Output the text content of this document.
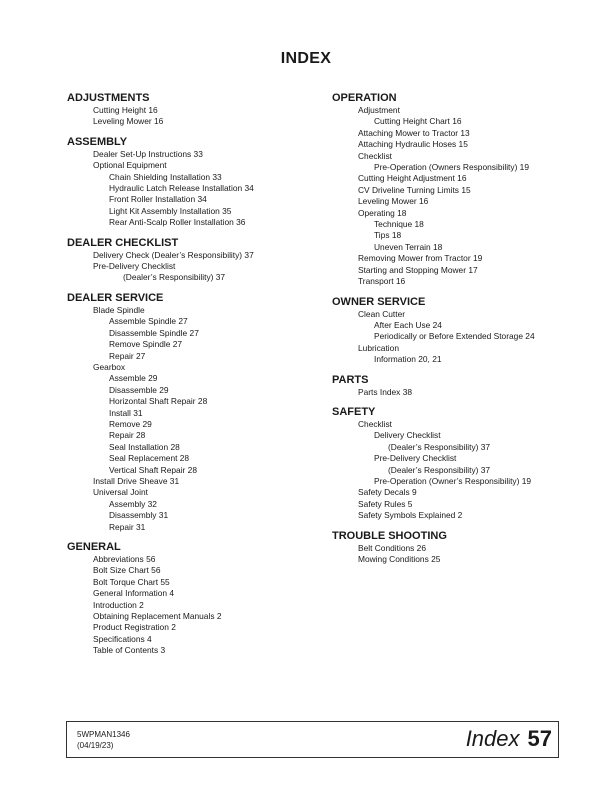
INDEX
ADJUSTMENTS
Cutting Height 16
Leveling Mower 16
ASSEMBLY
Dealer Set-Up Instructions 33
Optional Equipment
Chain Shielding Installation 33
Hydraulic Latch Release Installation 34
Front Roller Installation 34
Light Kit Assembly Installation 35
Rear Anti-Scalp Roller Installation 36
DEALER CHECKLIST
Delivery Check (Dealer’s Responsibility) 37
Pre-Delivery Checklist
(Dealer’s Responsibility) 37
DEALER SERVICE
Blade Spindle
Assemble Spindle 27
Disassemble Spindle 27
Remove Spindle 27
Repair 27
Gearbox
Assemble 29
Disassemble 29
Horizontal Shaft Repair 28
Install 31
Remove 29
Repair 28
Seal Installation 28
Seal Replacement 28
Vertical Shaft Repair 28
Install Drive Sheave 31
Universal Joint
Assembly 32
Disassembly 31
Repair 31
GENERAL
Abbreviations 56
Bolt Size Chart 56
Bolt Torque Chart 55
General Information 4
Introduction 2
Obtaining Replacement Manuals 2
Product Registration 2
Specifications 4
Table of Contents 3
OPERATION
Adjustment
Cutting Height Chart 16
Attaching Mower to Tractor 13
Attaching Hydraulic Hoses 15
Checklist
Pre-Operation (Owners Responsibility) 19
Cutting Height Adjustment 16
CV Driveline Turning Limits 15
Leveling Mower 16
Operating 18
Technique 18
Tips 18
Uneven Terrain 18
Removing Mower from Tractor 19
Starting and Stopping Mower 17
Transport 16
OWNER SERVICE
Clean Cutter
After Each Use 24
Periodically or Before Extended Storage 24
Lubrication
Information 20, 21
PARTS
Parts Index 38
SAFETY
Checklist
Delivery Checklist
(Dealer’s Responsibility) 37
Pre-Delivery Checklist
(Dealer’s Responsibility) 37
Pre-Operation (Owner’s Responsibility) 19
Safety Decals 9
Safety Rules 5
Safety Symbols Explained 2
TROUBLE SHOOTING
Belt Conditions 26
Mowing Conditions 25
5WPMAN1346
(04/19/23)	Index 57
